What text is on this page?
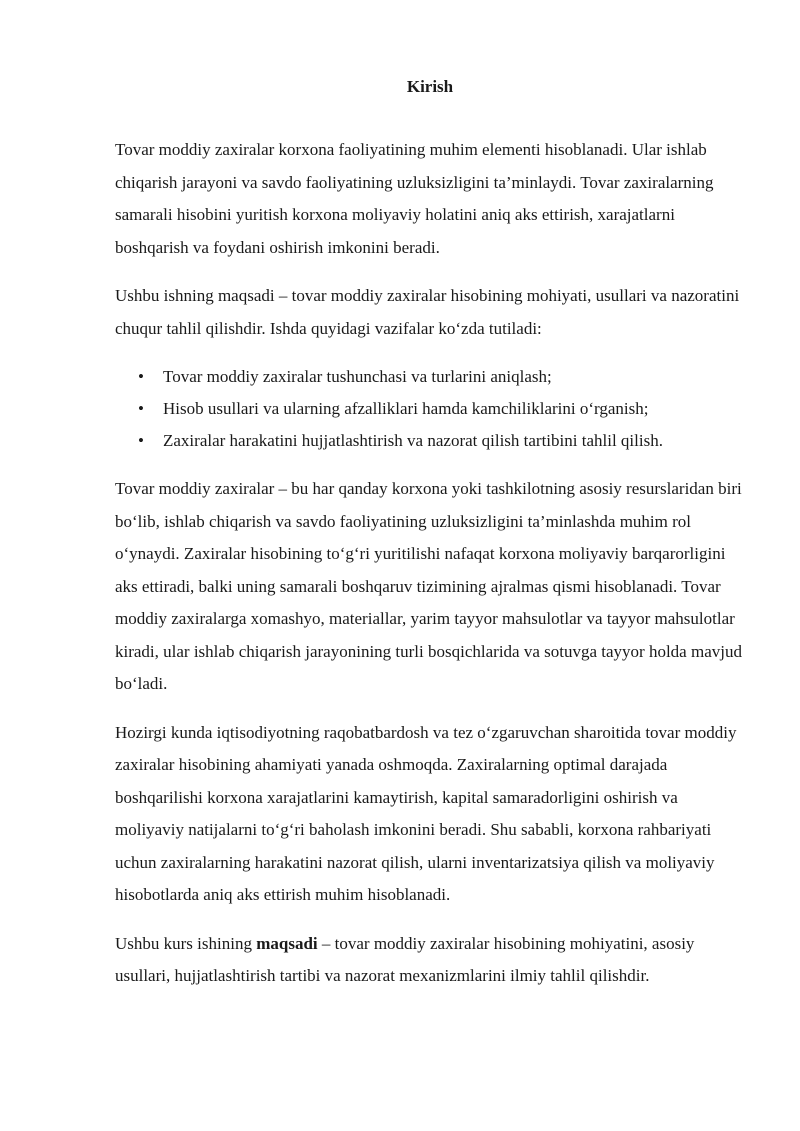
Kirish

Tovar moddiy zaxiralar korxona faoliyatining muhim elementi hisoblanadi. Ular ishlab chiqarish jarayoni va savdo faoliyatining uzluksizligini ta’minlaydi. Tovar zaxiralarning samarali hisobini yuritish korxona moliyaviy holatini aniq aks ettirish, xarajatlarni boshqarish va foydani oshirish imkonini beradi.

Ushbu ishning maqsadi – tovar moddiy zaxiralar hisobining mohiyati, usullari va nazoratini chuqur tahlil qilishdir. Ishda quyidagi vazifalar ko‘zda tutiladi:

• Tovar moddiy zaxiralar tushunchasi va turlarini aniqlash;
• Hisob usullari va ularning afzalliklari hamda kamchiliklarini o‘rganish;
• Zaxiralar harakatini hujjatlashtirish va nazorat qilish tartibini tahlil qilish.

Tovar moddiy zaxiralar – bu har qanday korxona yoki tashkilotning asosiy resurslaridan biri bo‘lib, ishlab chiqarish va savdo faoliyatining uzluksizligini ta’minlashda muhim rol o‘ynaydi. Zaxiralar hisobining to‘g‘ri yuritilishi nafaqat korxona moliyaviy barqarorligini aks ettiradi, balki uning samarali boshqaruv tizimining ajralmas qismi hisoblanadi. Tovar moddiy zaxiralarga xomashyo, materiallar, yarim tayyor mahsulotlar va tayyor mahsulotlar kiradi, ular ishlab chiqarish jarayonining turli bosqichlarida va sotuvga tayyor holda mavjud bo‘ladi.

Hozirgi kunda iqtisodiyotning raqobatbardosh va tez o‘zgaruvchan sharoitida tovar moddiy zaxiralar hisobining ahamiyati yanada oshmoqda. Zaxiralarning optimal darajada boshqarilishi korxona xarajatlarini kamaytirish, kapital samaradorligini oshirish va moliyaviy natijalarni to‘g‘ri baholash imkonini beradi. Shu sababli, korxona rahbariyati uchun zaxiralarning harakatini nazorat qilish, ularni inventarizatsiya qilish va moliyaviy hisobotlarda aniq aks ettirish muhim hisoblanadi.

Ushbu kurs ishining maqsadi – tovar moddiy zaxiralar hisobining mohiyatini, asosiy usullari, hujjatlashtirish tartibi va nazorat mexanizmlarini ilmiy tahlil qilishdir.
